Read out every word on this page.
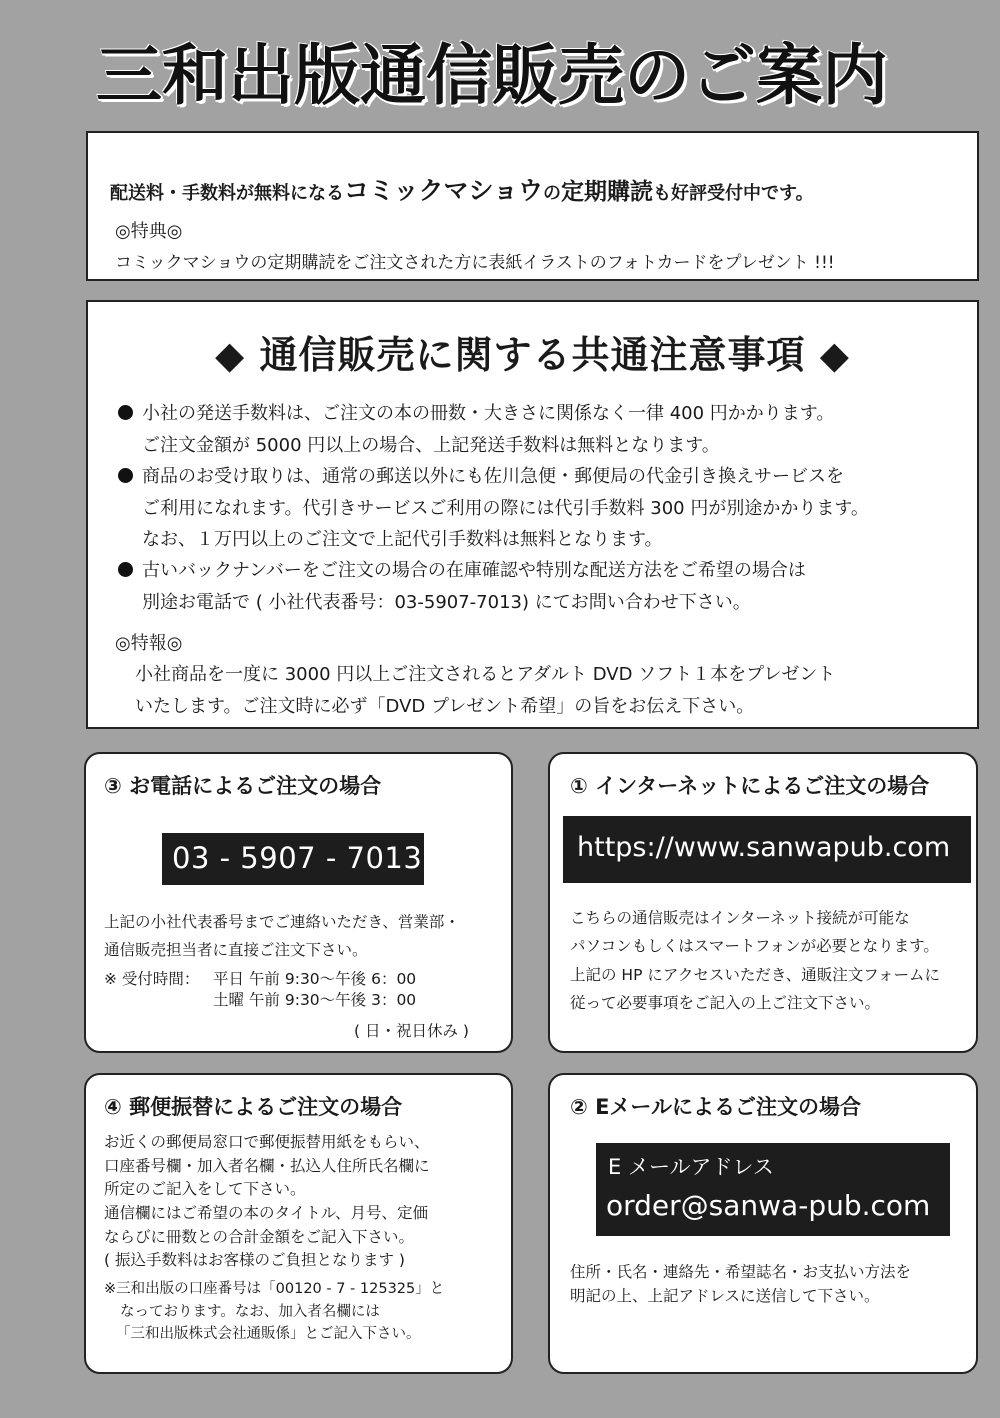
三和出版通信販売のご案内
配送料・手数料が無料になるコミックマショウの定期購読も好評受付中です。
◎特典◎
コミックマショウの定期購読をご注文された方に表紙イラストのフォトカードをプレゼント !!!
◆ 通信販売に関する共通注意事項 ◆
小社の発送手数料は、ご注文の本の冊数・大きさに関係なく一律 400 円かかります。
ご注文金額が 5000 円以上の場合、上記発送手数料は無料となります。
商品のお受け取りは、通常の郵送以外にも佐川急便・郵便局の代金引き換えサービスを
ご利用になれます。代引きサービスご利用の際には代引手数料 300 円が別途かかります。
なお、１万円以上のご注文で上記代引手数料は無料となります。
古いバックナンバーをご注文の場合の在庫確認や特別な配送方法をご希望の場合は
別途お電話で ( 小社代表番号：03-5907-7013) にてお問い合わせ下さい。
◎特報◎
小社商品を一度に 3000 円以上ご注文されるとアダルト DVD ソフト１本をプレゼント
いたします。ご注文時に必ず「DVD プレゼント希望」の旨をお伝え下さい。
③ お電話によるご注文の場合
03 - 5907 - 7013
上記の小社代表番号までご連絡いただき、営業部・
通信販売担当者に直接ご注文下さい。
※ 受付時間： 平日 午前 9:30～午後 6：00
土曜 午前 9:30～午後 3：00
( 日・祝日休み )
① インターネットによるご注文の場合
https://www.sanwapub.com
こちらの通信販売はインターネット接続が可能な
パソコンもしくはスマートフォンが必要となります。
上記の HP にアクセスいただき、通販注文フォームに
従って必要事項をご記入の上ご注文下さい。
④ 郵便振替によるご注文の場合
お近くの郵便局窓口で郵便振替用紙をもらい、
口座番号欄・加入者名欄・払込人住所氏名欄に
所定のご記入をして下さい。
通信欄にはご希望の本のタイトル、月号、定価
ならびに冊数との合計金額をご記入下さい。
( 振込手数料はお客様のご負担となります )
※三和出版の口座番号は「00120 - 7 - 125325」と
なっております。なお、加入者名欄には
「三和出版株式会社通販係」とご記入下さい。
② Eメールによるご注文の場合
E メールアドレス
order@sanwa-pub.com
住所・氏名・連絡先・希望誌名・お支払い方法を
明記の上、上記アドレスに送信して下さい。
